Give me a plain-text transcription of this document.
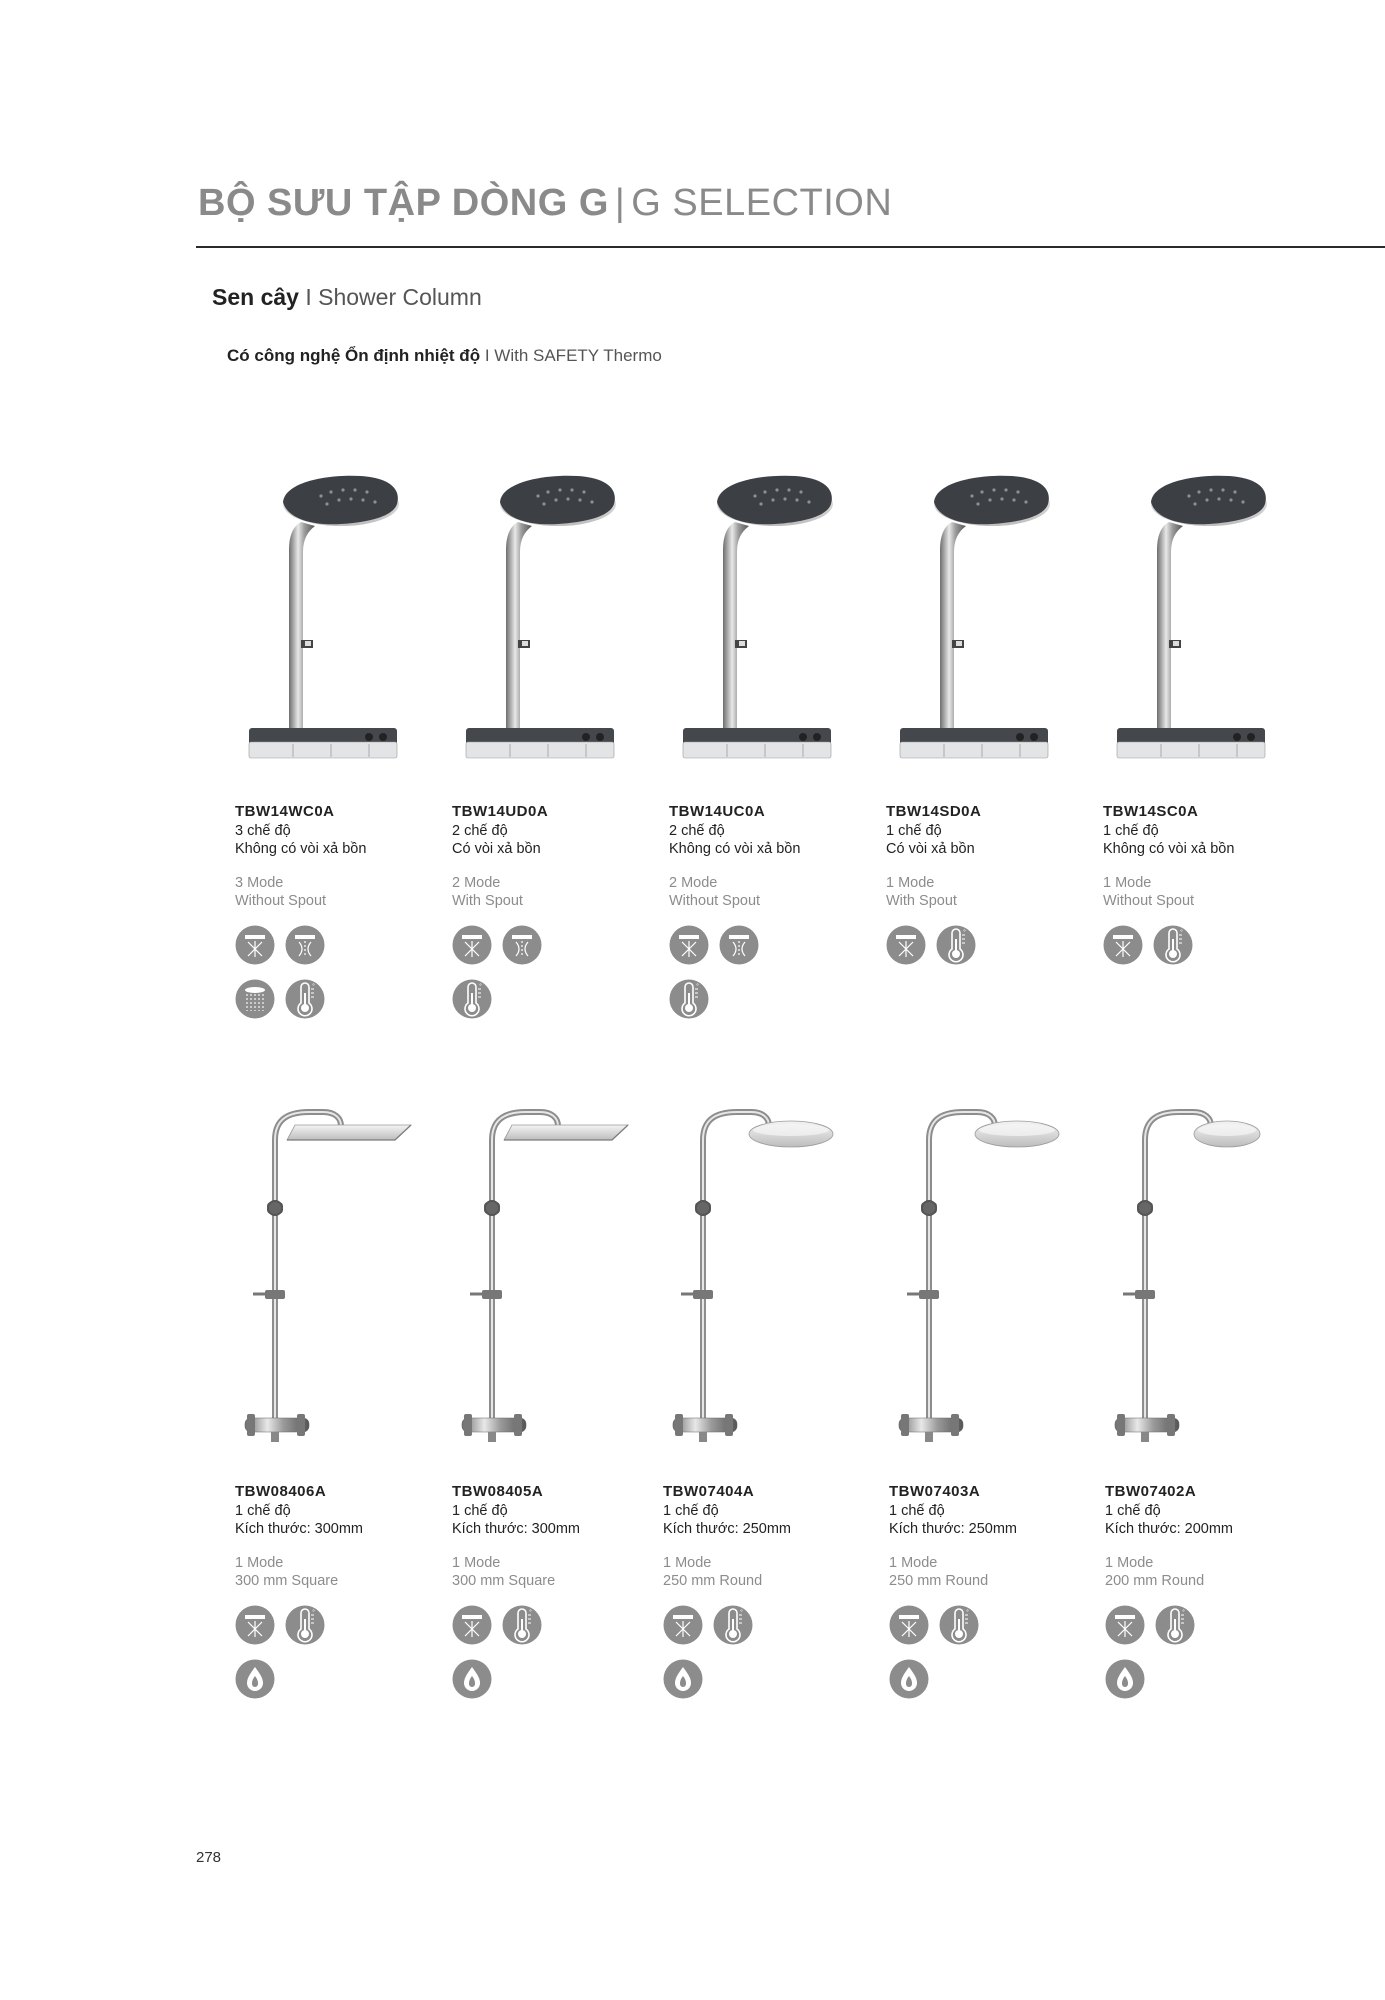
BỘ SƯU TẬP DÒNG G | G SELECTION
Sen cây I Shower Column
Có công nghệ Ổn định nhiệt độ I With SAFETY Thermo
TBW14WC0A
3 chế độ
Không có vòi xả bồn
3 Mode
Without Spout
°
TBW14UD0A
2 chế độ
Có vòi xả bồn
2 Mode
With Spout
°
TBW14UC0A
2 chế độ
Không có vòi xả bồn
2 Mode
Without Spout
°
TBW14SD0A
1 chế độ
Có vòi xả bồn
1 Mode
With Spout
°
TBW14SC0A
1 chế độ
Không có vòi xả bồn
1 Mode
Without Spout
°
TBW08406A
1 chế độ
Kích thước: 300mm
1 Mode
300 mm Square
°
TBW08405A
1 chế độ
Kích thước: 300mm
1 Mode
300 mm Square
°
TBW07404A
1 chế độ
Kích thước: 250mm
1 Mode
250 mm Round
°
TBW07403A
1 chế độ
Kích thước: 250mm
1 Mode
250 mm Round
°
TBW07402A
1 chế độ
Kích thước: 200mm
1 Mode
200 mm Round
°
278
